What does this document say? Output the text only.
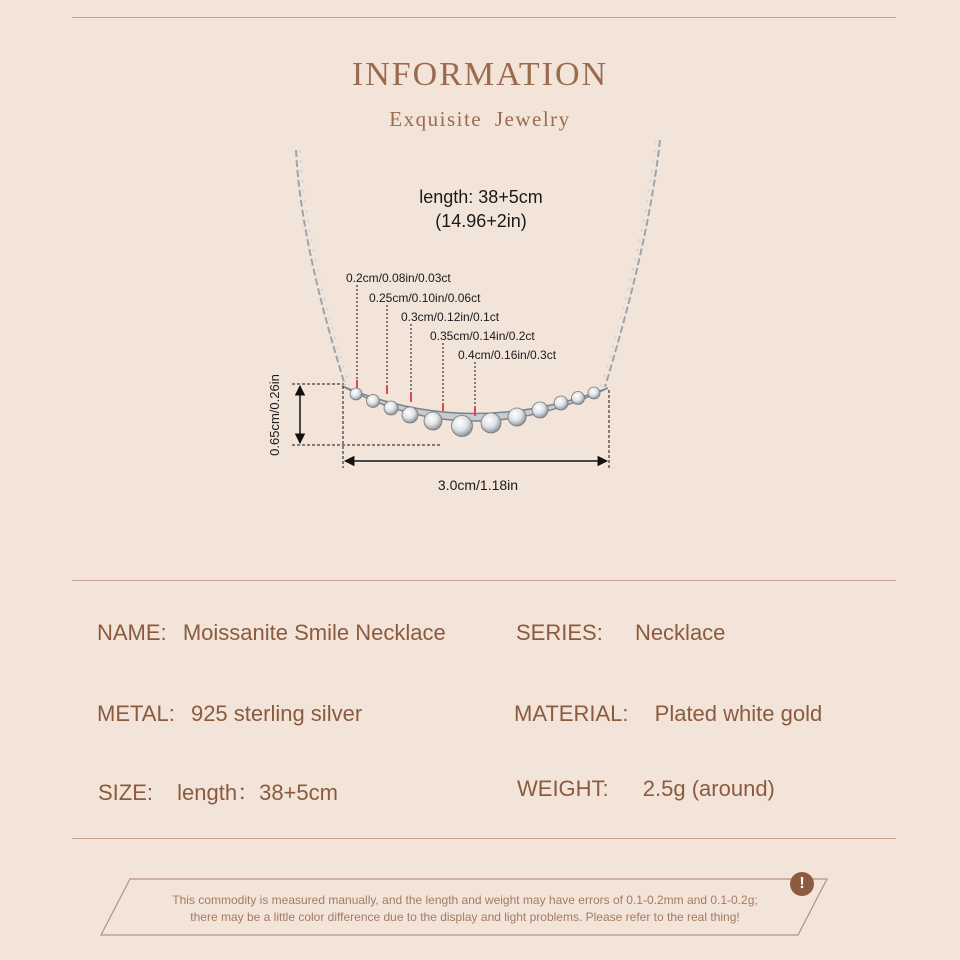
INFORMATION
Exquisite Jewelry
length: 38+5cm
(14.96+2in)
0.2cm/0.08in/0.03ct
0.25cm/0.10in/0.06ct
0.3cm/0.12in/0.1ct
0.35cm/0.14in/0.2ct
0.4cm/0.16in/0.3ct
0.65cm/0.26in
3.0cm/1.18in
NAME: Moissanite Smile Necklace	SERIES: Necklace
METAL: 925 sterling silver	MATERIAL: Plated white gold
SIZE: length：38+5cm	WEIGHT: 2.5g (around)
This commodity is measured manually, and the length and weight may have errors of 0.1-0.2mm and 0.1-0.2g;
there may be a little color difference due to the display and light problems. Please refer to the real thing!
!
